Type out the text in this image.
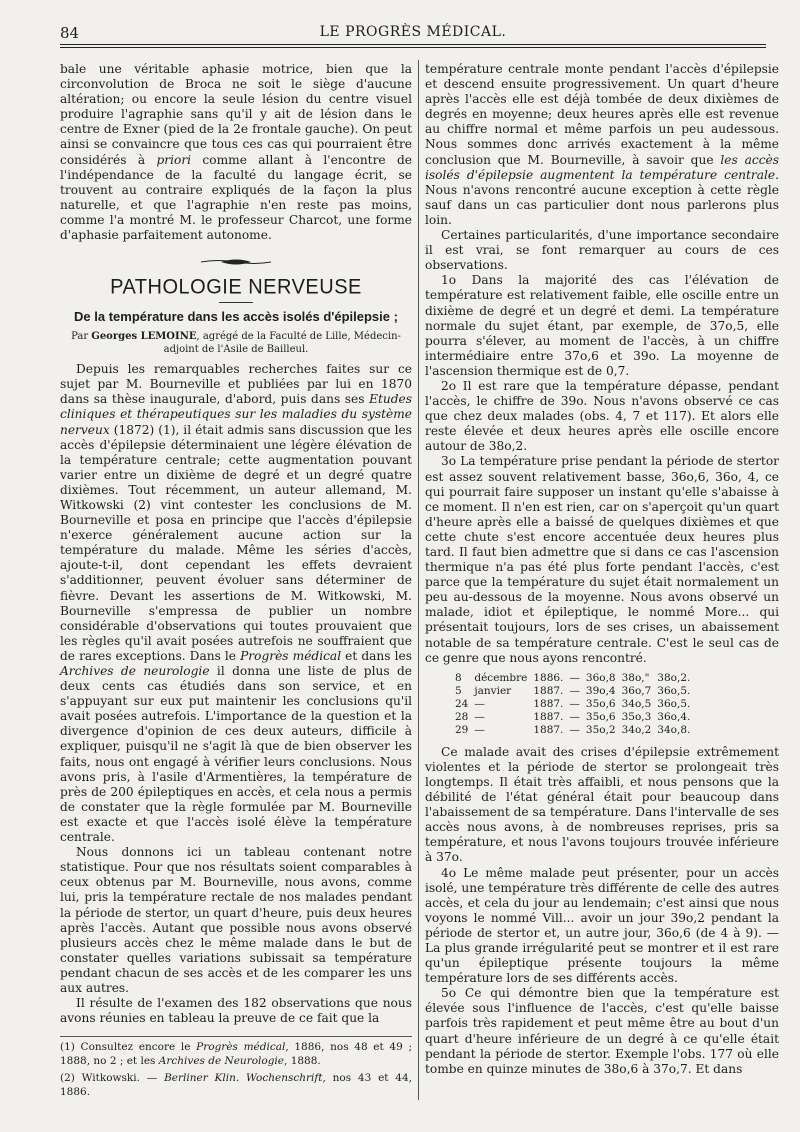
84	LE PROGRÈS MÉDICAL.

bale une véritable aphasie motrice, bien que la circonvolution de Broca ne soit le siège d'aucune altération; ou encore la seule lésion du centre visuel produire l'agraphie sans qu'il y ait de lésion dans le centre de Exner (pied de la 2e frontale gauche). On peut ainsi se convaincre que tous ces cas qui pourraient être considérés à priori comme allant à l'encontre de l'indépendance de la faculté du langage écrit, se trouvent au contraire expliqués de la façon la plus naturelle, et que l'agraphie n'en reste pas moins, comme l'a montré M. le professeur Charcot, une forme d'aphasie parfaitement autonome.

PATHOLOGIE NERVEUSE
De la température dans les accès isolés d'épilepsie ;
Par Georges LEMOINE, agrégé de la Faculté de Lille, Médecin-adjoint de l'Asile de Bailleul.

Depuis les remarquables recherches faites sur ce sujet par M. Bourneville et publiées par lui en 1870 dans sa thèse inaugurale, d'abord, puis dans ses Etudes cliniques et thérapeutiques sur les maladies du système nerveux (1872) (1), il était admis sans discussion que les accès d'épilepsie déterminaient une légère élévation de la température centrale; cette augmentation pouvant varier entre un dixième de degré et un degré quatre dixièmes. Tout récemment, un auteur allemand, M. Witkowski (2) vint contester les conclusions de M. Bourneville et posa en principe que l'accès d'épilepsie n'exerce généralement aucune action sur la température du malade. Même les séries d'accès, ajoute-t-il, dont cependant les effets devraient s'additionner, peuvent évoluer sans déterminer de fièvre. Devant les assertions de M. Witkowski, M. Bourneville s'empressa de publier un nombre considérable d'observations qui toutes prouvaient que les règles qu'il avait posées autrefois ne souffraient que de rares exceptions. Dans le Progrès médical et dans les Archives de neurologie il donna une liste de plus de deux cents cas étudiés dans son service, et en s'appuyant sur eux put maintenir les conclusions qu'il avait posées autrefois. L'importance de la question et la divergence d'opinion de ces deux auteurs, difficile à expliquer, puisqu'il ne s'agit là que de bien observer les faits, nous ont engagé à vérifier leurs conclusions. Nous avons pris, à l'asile d'Armentières, la température de près de 200 épileptiques en accès, et cela nous a permis de constater que la règle formulée par M. Bourneville est exacte et que l'accès isolé élève la température centrale.

Nous donnons ici un tableau contenant notre statistique. Pour que nos résultats soient comparables à ceux obtenus par M. Bourneville, nous avons, comme lui, pris la température rectale de nos malades pendant la période de stertor, un quart d'heure, puis deux heures après l'accès. Autant que possible nous avons observé plusieurs accès chez le même malade dans le but de constater quelles variations subissait sa température pendant chacun de ses accès et de les comparer les uns aux autres.

Il résulte de l'examen des 182 observations que nous avons réunies en tableau la preuve de ce fait que la

(1) Consultez encore le Progrès médical, 1886, nos 48 et 49 ; 1888, no 2 ; et les Archives de Neurologie, 1888.

(2) Witkowski. — Berliner Klin. Wochenschrift, nos 43 et 44, 1886.

température centrale monte pendant l'accès d'épilepsie et descend ensuite progressivement. Un quart d'heure après l'accès elle est déjà tombée de deux dixièmes de degrés en moyenne; deux heures après elle est revenue au chiffre normal et même parfois un peu audessous. Nous sommes donc arrivés exactement à la même conclusion que M. Bourneville, à savoir que les accès isolés d'épilepsie augmentent la température centrale. Nous n'avons rencontré aucune exception à cette règle sauf dans un cas particulier dont nous parlerons plus loin.

Certaines particularités, d'une importance secondaire il est vrai, se font remarquer au cours de ces observations.

1o Dans la majorité des cas l'élévation de température est relativement faible, elle oscille entre un dixième de degré et un degré et demi. La température normale du sujet étant, par exemple, de 37o,5, elle pourra s'élever, au moment de l'accès, à un chiffre intermédiaire entre 37o,6 et 39o. La moyenne de l'ascension thermique est de 0,7.

2o Il est rare que la température dépasse, pendant l'accès, le chiffre de 39o. Nous n'avons observé ce cas que chez deux malades (obs. 4, 7 et 117). Et alors elle reste élevée et deux heures après elle oscille encore autour de 38o,2.

3o La température prise pendant la période de stertor est assez souvent relativement basse, 36o,6, 36o, 4, ce qui pourrait faire supposer un instant qu'elle s'abaisse à ce moment. Il n'en est rien, car on s'aperçoit qu'un quart d'heure après elle a baissé de quelques dixièmes et que cette chute s'est encore accentuée deux heures plus tard. Il faut bien admettre que si dans ce cas l'ascension thermique n'a pas été plus forte pendant l'accès, c'est parce que la température du sujet était normalement un peu au-dessous de la moyenne. Nous avons observé un malade, idiot et épileptique, le nommé More... qui présentait toujours, lors de ses crises, un abaissement notable de sa température centrale. C'est le seul cas de ce genre que nous ayons rencontré.

8	décembre	1886.	—	36o,8	38o,"	38o,2.
5	janvier	1887.	—	39o,4	36o,7	36o,5.
24	—	1887.	—	35o,6	34o,5	36o,5.
28	—	1887.	—	35o,6	35o,3	36o,4.
29	—	1887.	—	35o,2	34o,2	34o,8.

Ce malade avait des crises d'épilepsie extrêmement violentes et la période de stertor se prolongeait très longtemps. Il était très affaibli, et nous pensons que la débilité de l'état général était pour beaucoup dans l'abaissement de sa température. Dans l'intervalle de ses accès nous avons, à de nombreuses reprises, pris sa température, et nous l'avons toujours trouvée inférieure à 37o.

4o Le même malade peut présenter, pour un accès isolé, une température très différente de celle des autres accès, et cela du jour au lendemain; c'est ainsi que nous voyons le nommé Vill... avoir un jour 39o,2 pendant la période de stertor et, un autre jour, 36o,6 (de 4 à 9). — La plus grande irrégularité peut se montrer et il est rare qu'un épileptique présente toujours la même température lors de ses différents accès.

5o Ce qui démontre bien que la température est élevée sous l'influence de l'accès, c'est qu'elle baisse parfois très rapidement et peut même être au bout d'un quart d'heure inférieure de un degré à ce qu'elle était pendant la période de stertor. Exemple l'obs. 177 où elle tombe en quinze minutes de 38o,6 à 37o,7. Et dans
